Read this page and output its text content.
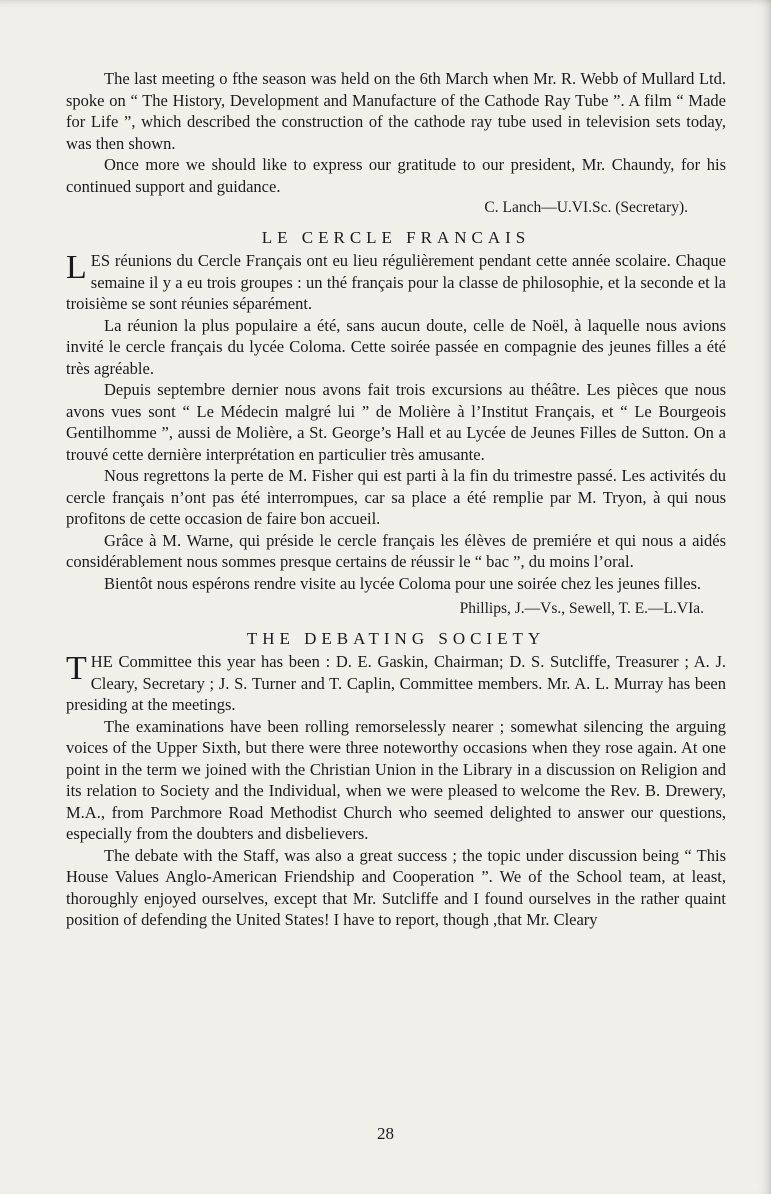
The last meeting o fthe season was held on the 6th March when Mr. R. Webb of Mullard Ltd. spoke on “ The History, Development and Manufacture of the Cathode Ray Tube ”. A film “ Made for Life ”, which described the construction of the cathode ray tube used in television sets today, was then shown.

Once more we should like to express our gratitude to our president, Mr. Chaundy, for his continued support and guidance.

C. Lanch—U.VI.Sc. (Secretary).

LE CERCLE FRANCAIS

LES réunions du Cercle Français ont eu lieu régulièrement pendant cette année scolaire. Chaque semaine il y a eu trois groupes : un thé français pour la classe de philosophie, et la seconde et la troisième se sont réunies séparément.

La réunion la plus populaire a été, sans aucun doute, celle de Noël, à laquelle nous avions invité le cercle français du lycée Coloma. Cette soirée passée en compagnie des jeunes filles a été très agréable.

Depuis septembre dernier nous avons fait trois excursions au théâtre. Les pièces que nous avons vues sont “ Le Médecin malgré lui ” de Molière à l’Institut Français, et “ Le Bourgeois Gentilhomme ”, aussi de Molière, a St. George’s Hall et au Lycée de Jeunes Filles de Sutton. On a trouvé cette dernière interprétation en particulier très amusante.

Nous regrettons la perte de M. Fisher qui est parti à la fin du trimestre passé. Les activités du cercle français n’ont pas été interrompues, car sa place a été remplie par M. Tryon, à qui nous profitons de cette occasion de faire bon accueil.

Grâce à M. Warne, qui préside le cercle français les élèves de premiére et qui nous a aidés considérablement nous sommes presque certains de réussir le “ bac ”, du moins l’oral.

Bientôt nous espérons rendre visite au lycée Coloma pour une soirée chez les jeunes filles.

Phillips, J.—Vs., Sewell, T. E.—L.VIa.

THE DEBATING SOCIETY

THE Committee this year has been : D. E. Gaskin, Chairman; D. S. Sutcliffe, Treasurer ; A. J. Cleary, Secretary ; J. S. Turner and T. Caplin, Committee members. Mr. A. L. Murray has been presiding at the meetings.

The examinations have been rolling remorselessly nearer ; somewhat silencing the arguing voices of the Upper Sixth, but there were three noteworthy occasions when they rose again. At one point in the term we joined with the Christian Union in the Library in a discussion on Religion and its relation to Society and the Individual, when we were pleased to welcome the Rev. B. Drewery, M.A., from Parchmore Road Methodist Church who seemed delighted to answer our questions, especially from the doubters and disbelievers.

The debate with the Staff, was also a great success ; the topic under discussion being “ This House Values Anglo-American Friendship and Cooperation ”. We of the School team, at least, thoroughly enjoyed ourselves, except that Mr. Sutcliffe and I found ourselves in the rather quaint position of defending the United States! I have to report, though ,that Mr. Cleary

28
